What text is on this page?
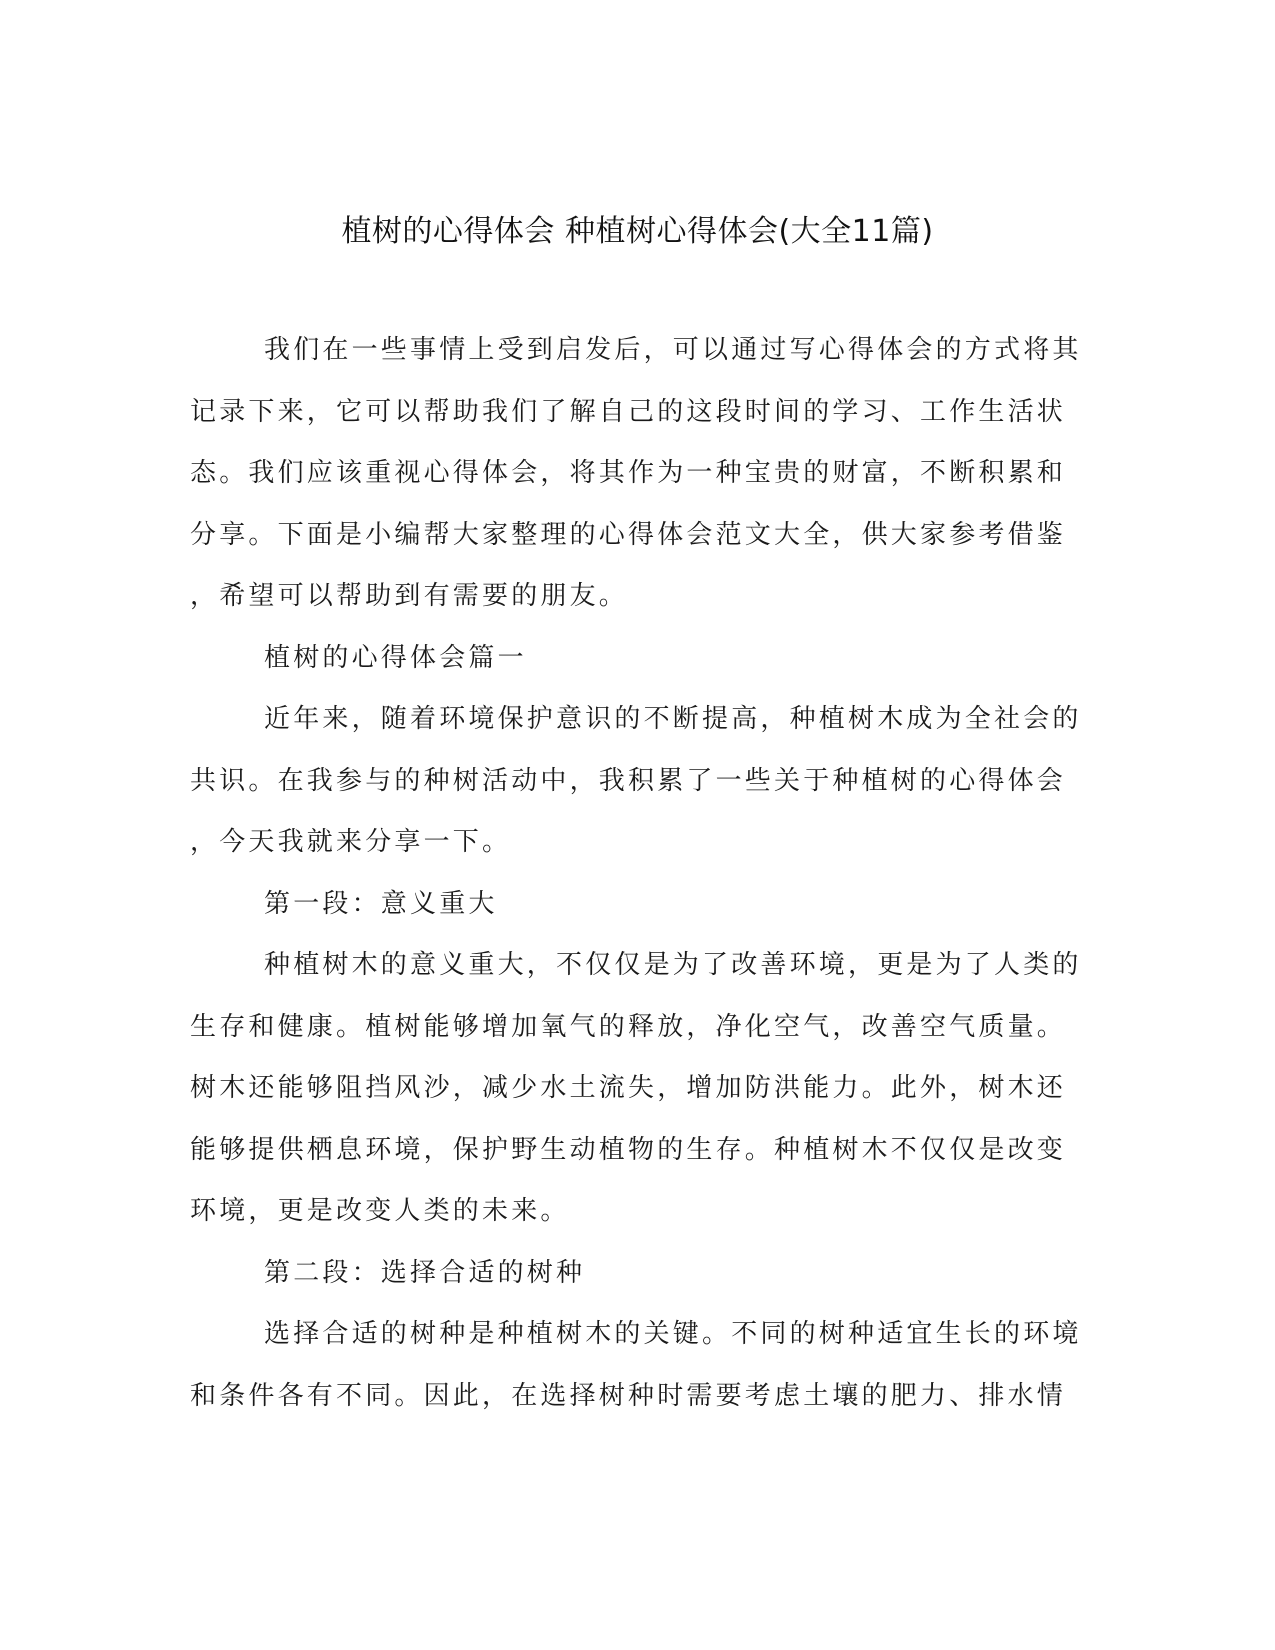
植树的心得体会 种植树心得体会(大全11篇)
我们在一些事情上受到启发后，可以通过写心得体会的方式将其
记录下来，它可以帮助我们了解自己的这段时间的学习、工作生活状
态。我们应该重视心得体会，将其作为一种宝贵的财富，不断积累和
分享。下面是小编帮大家整理的心得体会范文大全，供大家参考借鉴
，希望可以帮助到有需要的朋友。
植树的心得体会篇一
近年来，随着环境保护意识的不断提高，种植树木成为全社会的
共识。在我参与的种树活动中，我积累了一些关于种植树的心得体会
，今天我就来分享一下。
第一段：意义重大
种植树木的意义重大，不仅仅是为了改善环境，更是为了人类的
生存和健康。植树能够增加氧气的释放，净化空气，改善空气质量。
树木还能够阻挡风沙，减少水土流失，增加防洪能力。此外，树木还
能够提供栖息环境，保护野生动植物的生存。种植树木不仅仅是改变
环境，更是改变人类的未来。
第二段：选择合适的树种
选择合适的树种是种植树木的关键。不同的树种适宜生长的环境
和条件各有不同。因此，在选择树种时需要考虑土壤的肥力、排水情
